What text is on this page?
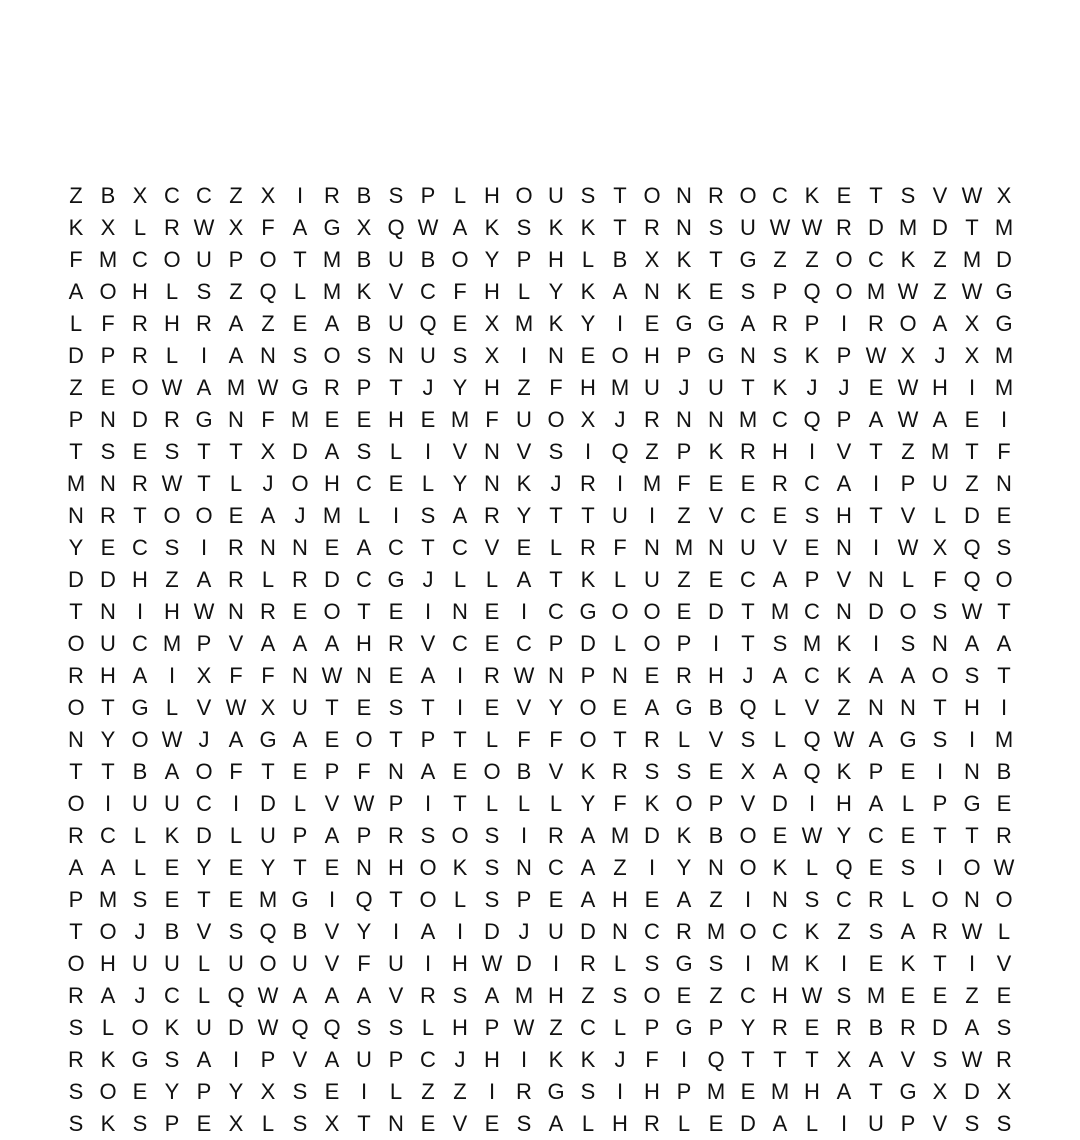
Z B X C C Z X I R B S P L H O U S T O N R O C K E T S V W X
K X L R W X F A G X Q W A K S K K T R N S U W W R D M D T M
F M C O U P O T M B U B O Y P H L B X K T G Z Z O C K Z M D
A O H L S Z Q L M K V C F H L Y K A N K E S P Q O M W Z W G
L F R H R A Z E A B U Q E X M K Y I E G G A R P I R O A X G
D P R L	I A N S O S N U S X I N E O H P G N S K P W X J X M
Z E O W A M W G R P T J Y H Z F H M U J U T K J J E W H I M
P N D R G N F M E E H E M F U O X J R N N M C Q P A W A E I
T S E S T T X D A S L	I V N V S I Q Z P K R H I V T Z M T F
M N R W T L J O H C E L Y N K J R I M F E E R C A I P U Z N
N R T O O E A J M L	I S A R Y T T U I	Z V C E S H T V L D E
Y E C S I R N N E A C T C V E L R F N M N U V E N I W X Q S
D D H Z A R L R D C G J L L A T K L U Z E C A P V N L F Q O
T N I H W N R E O T E I N E I C G O O E D T M C N D O S W T
O U C M P V A A A H R V C E C P D L O P I	T S M K I S N A A
R H A I X F F N W N E A I R W N P N E R H J A C K A A O S T
O T G L V W X U T E S T	I E V Y O E A G B Q L V Z N N T H I
N Y O W J A G A E O T P T L F F O T R L V S L Q W A G S I M
T T B A O F T E P F N A E O B V K R S S E X A Q K P E I N B
O I U U C I D L V W P I	T L L L Y F K O P V D I H A L P G E
R C L K D L U P A P R S O S I R A M D K B O E W Y C E T T R
A A L E Y E Y T E N H O K S N C A Z	I Y N O K L Q E S I O W
P M S E T E M G I Q T O L S P E A H E A Z	I N S C R L O N O
T O J B V S Q B V Y I A I D J U D N C R M O C K Z S A R W L
O H U U L U O U V F U I H W D I R L S G S I M K I E K T	I V
R A J C L Q W A A A V R S A M H Z S O E Z C H W S M E E Z E
S L O K U D W Q Q S S L H P W Z C L P G P Y R E R B R D A S
R K G S A I P V A U P C J H I K K J F	I Q T T T X A V S W R
S O E Y P Y X S E I	L Z Z	I R G S I H P M E M H A T G X D X
S K S P E X L S X T N E V E S A L H R L E D A L	I U P V S S
